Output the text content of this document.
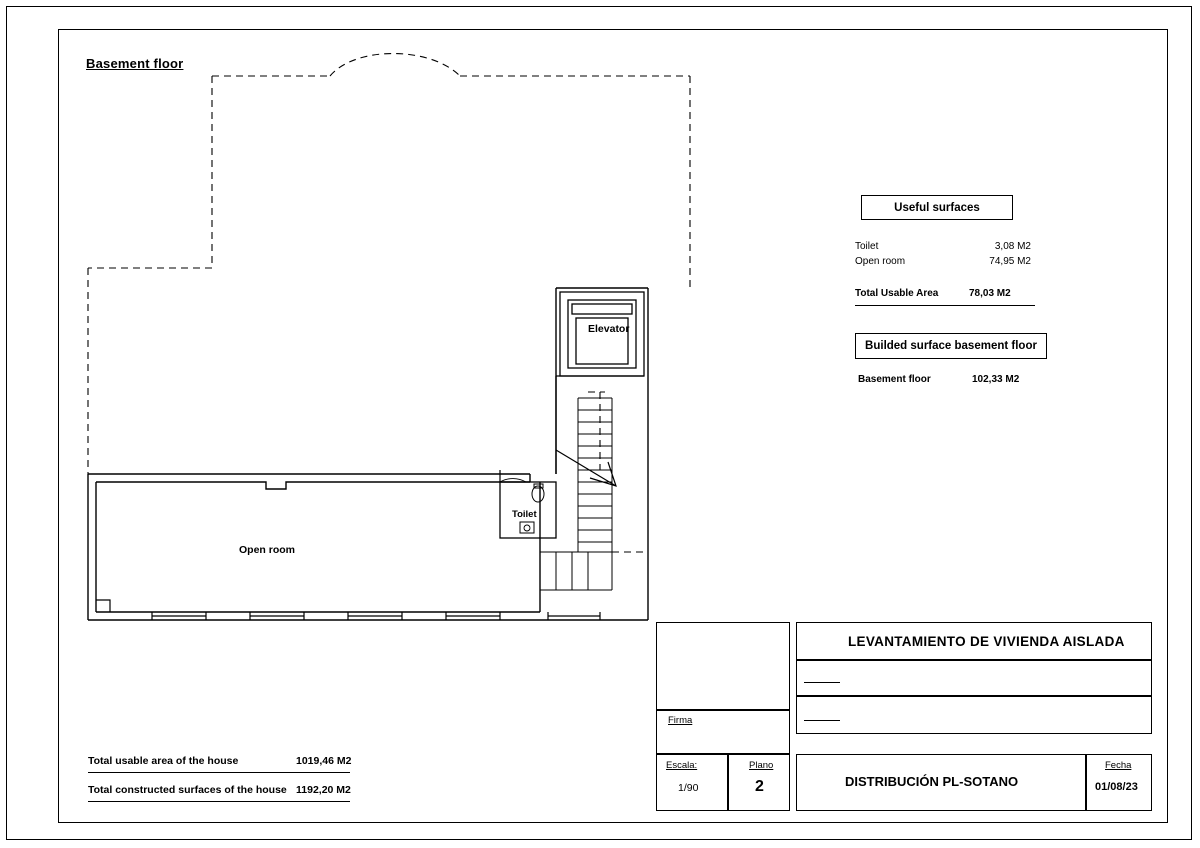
Basement floor
Elevator
Toilet
Open room
Useful surfaces
Toilet	3,08 M2
Open room	74,95 M2
Total Usable Area	78,03 M2
Builded surface basement floor
Basement floor	102,33 M2
Total usable area of the house	1019,46 M2
Total constructed surfaces of the house 1192,20 M2
Firma
Escala:
1/90
Plano
2
LEVANTAMIENTO DE VIVIENDA AISLADA
DISTRIBUCIÓN PL-SOTANO
Fecha
01/08/23
